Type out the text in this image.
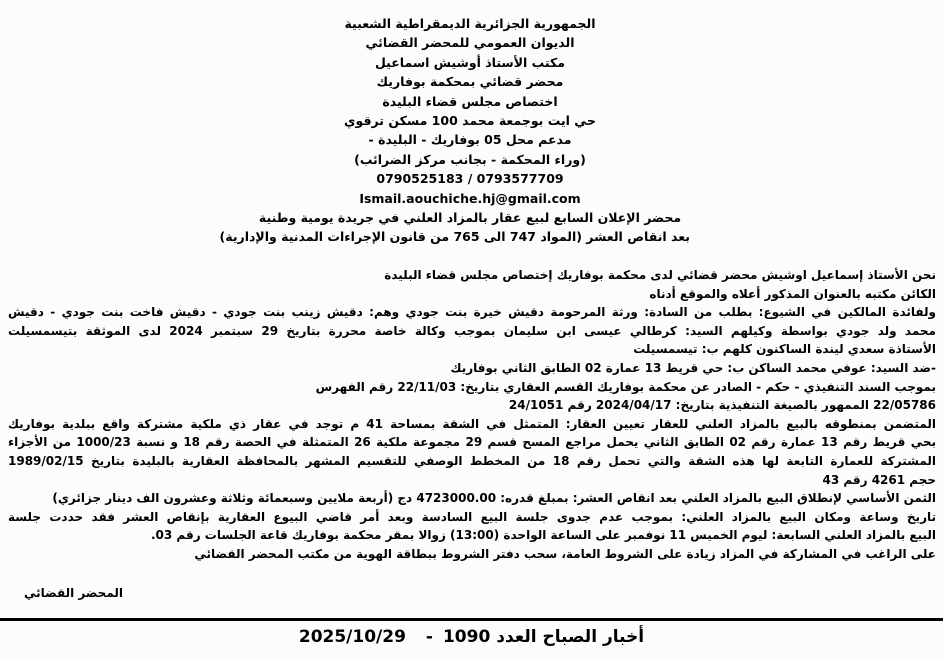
الجمهورية الجزائرية الديمقراطية الشعبية
الديوان العمومي للمحضر القضائي
مكتب الأستاذ أوشيش اسماعيل
محضر قضائي بمحكمة بوفاريك
اختصاص مجلس قضاء البليدة
حي ايت بوجمعة محمد 100 مسكن ترقوي
مدعم محل 05 بوفاريك - البليدة -
(وراء المحكمة - بجانب مركز الضرائب)
0790525183 / 0793577709
Ismail.aouchiche.hj@gmail.com
محضر الإعلان السابع لبيع عقار بالمزاد العلني في جريدة يومية وطنية
بعد انقاص العشر (المواد 747 الى 765 من قانون الإجراءات المدنية والإدارية)
نحن الأستاذ إسماعيل اوشيش محضر قضائي لدى محكمة بوفاريك إختصاص مجلس قضاء البليدة
الكائن مكتبه بالعنوان المذكور أعلاه والموقع أدناه
ولفائدة المالكين في الشيوع: بطلب من السادة: ورثة المرحومة دقيش خيرة بنت جودي وهم: دقيش زينب بنت جودي - دقيش فاخت بنت جودي - دقيش
محمد ولد جودي بواسطة وكيلهم السيد: كرطالي عيسى ابن سليمان بموجب وكالة خاصة محررة بتاريخ 29 سبتمبر 2024 لدى الموثقة بتيسمسيلت
الأستاذة سعدي ليندة الساكنون كلهم ب: تيسمسيلت
-ضد السيد: عوفي محمد الساكن ب: حي قريط 13 عمارة 02 الطابق الثاني بوفاريك
بموجب السند التنفيذي - حكم - الصادر عن محكمة بوفاريك القسم العقاري بتاريخ: 22/11/03 رقم الفهرس
22/05786 الممهور بالصيغة التنفيذية بتاريخ: 2024/04/17 رقم 24/1051
المتضمن بمنطوقه بالبيع بالمزاد العلني للعقار تعيين العقار: المتمثل في الشقة بمساحة 41 م توجد في عقار ذي ملكية مشتركة واقع ببلدية بوفاريك
بحي قريط رقم 13 عمارة رقم 02 الطابق الثاني يحمل مراجع المسح قسم 29 مجموعة ملكية 26 المتمثلة في الحصة رقم 18 و نسبة 1000/23 من الأجزاء
المشتركة للعمارة التابعة لها هذه الشقة والتي تحمل رقم 18 من المخطط الوصفي للتقسيم المشهر بالمحافظة العقارية بالبليدة بتاريخ 1989/02/15
حجم 4261 رقم 43
الثمن الأساسي لإنطلاق البيع بالمزاد العلني بعد انقاص العشر: بمبلغ قدره: 4723000.00 دج (أربعة ملايين وسبعمائة وثلاثة وعشرون الف دينار جزائري)
تاريخ وساعة ومكان البيع بالمزاد العلني: بموجب عدم جدوى جلسة البيع السادسة وبعد أمر قاضي البيوع العقارية بإنقاص العشر فقد حددت جلسة
البيع بالمزاد العلني السابعة: ليوم الخميس 11 نوفمبر على الساعة الواحدة (13:00) زوالا بمقر محكمة بوفاريك قاعة الجلسات رقم 03.
على الراغب في المشاركة في المزاد زيادة على الشروط العامة، سحب دفتر الشروط ببطاقة الهوية من مكتب المحضر القضائي
المحضر القضائي
2025/10/29 - أخبار الصباح العدد 1090
